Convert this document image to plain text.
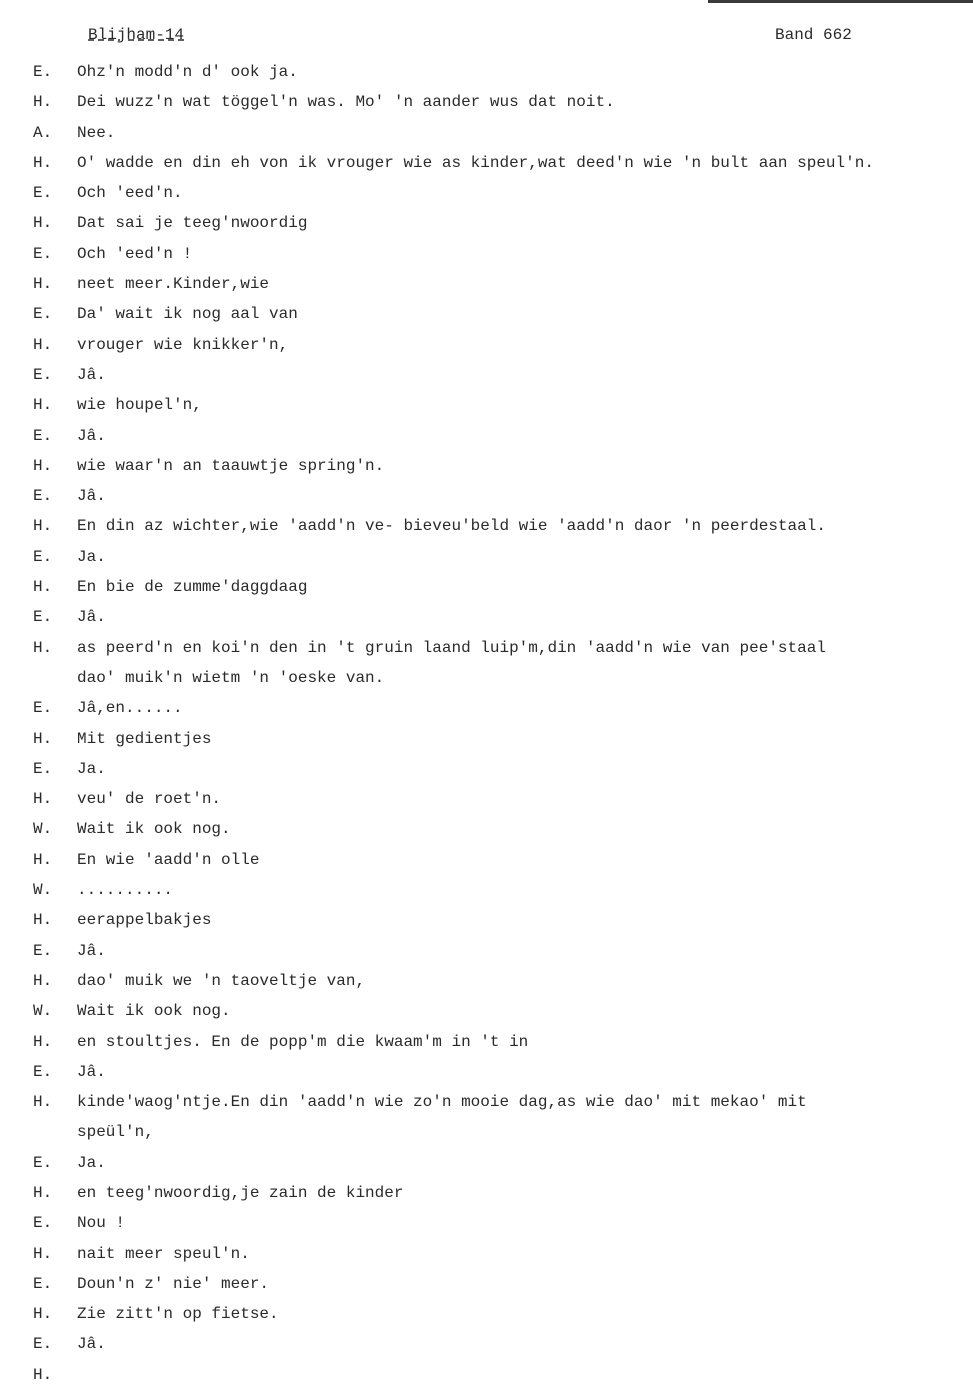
Blijham-14	Band 662
E.	Ohz'n modd'n d' ook ja.
H.	Dei wuzz'n wat töggel'n was. Mo' 'n aander wus dat noit.
A.	Nee.
H.	O' wadde en din eh von ik vrouger wie as kinder,wat deed'n wie 'n bult aan speul'n.
E.	Och 'eed'n.
H.	Dat sai je teeg'nwoordig
E.	Och 'eed'n !
H.	neet meer.Kinder,wie
E.	Da' wait ik nog aal van
H.	vrouger wie knikker'n,
E.	Jâ.
H.	wie houpel'n,
E.	Jâ.
H.	wie waar'n an taauwtje spring'n.
E.	Jâ.
H.	En din az wichter,wie 'aadd'n ve- bieveu'beld wie 'aadd'n daor 'n peerdestaal.
E.	Ja.
H.	En bie de zumme'daggdaag
E.	Jâ.
H.	as peerd'n en koi'n den in 't gruin laand luip'm,din 'aadd'n wie van pee'staal
dao' muik'n wietm 'n 'oeske van.
E.	Jâ,en......
H.	Mit gedientjes
E.	Ja.
H.	veu' de roet'n.
W.	Wait ik ook nog.
H.	En wie 'aadd'n olle
W.	..........
H.	eerappelbakjes
E.	Jâ.
H.	dao' muik we 'n taoveltje van,
W.	Wait ik ook nog.
H.	en stoultjes. En de popp'm die kwaam'm in 't in
E.	Jâ.
H.	kinde'waog'ntje.En din 'aadd'n wie zo'n mooie dag,as wie dao' mit mekao' mit
speül'n,
E.	Ja.
H.	en teeg'nwoordig,je zain de kinder
E.	Nou !
H.	nait meer speul'n.
E.	Doun'n z' nie' meer.
H.	Zie zitt'n op fietse.
E.	Jâ.
H.
